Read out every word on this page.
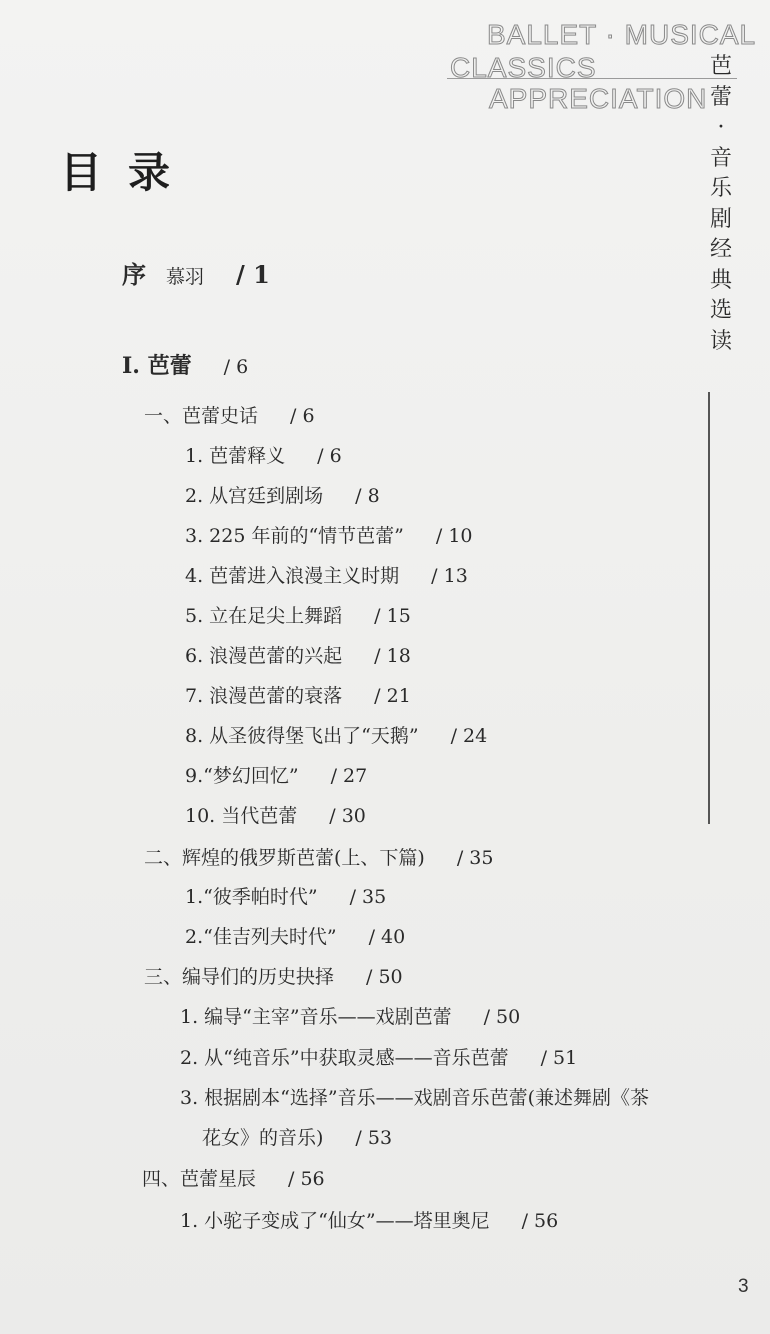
BALLET · MUSICAL
CLASSICS
APPRECIATION
芭
蕾
·
音
乐
剧
经
典
选
读
目录
序 慕羽 / 1
I. 芭蕾 / 6
一、芭蕾史话 / 6
1. 芭蕾释义 / 6
2. 从宫廷到剧场 / 8
3. 225 年前的“情节芭蕾” / 10
4. 芭蕾进入浪漫主义时期 / 13
5. 立在足尖上舞蹈 / 15
6. 浪漫芭蕾的兴起 / 18
7. 浪漫芭蕾的衰落 / 21
8. 从圣彼得堡飞出了“天鹅” / 24
9.“梦幻回忆” / 27
10. 当代芭蕾 / 30
二、辉煌的俄罗斯芭蕾(上、下篇) / 35
1.“彼季帕时代” / 35
2.“佳吉列夫时代” / 40
三、编导们的历史抉择 / 50
1. 编导“主宰”音乐——戏剧芭蕾 / 50
2. 从“纯音乐”中获取灵感——音乐芭蕾 / 51
3. 根据剧本“选择”音乐——戏剧音乐芭蕾(兼述舞剧《茶
花女》的音乐) / 53
四、芭蕾星辰 / 56
1. 小驼子变成了“仙女”——塔里奥尼 / 56
3
